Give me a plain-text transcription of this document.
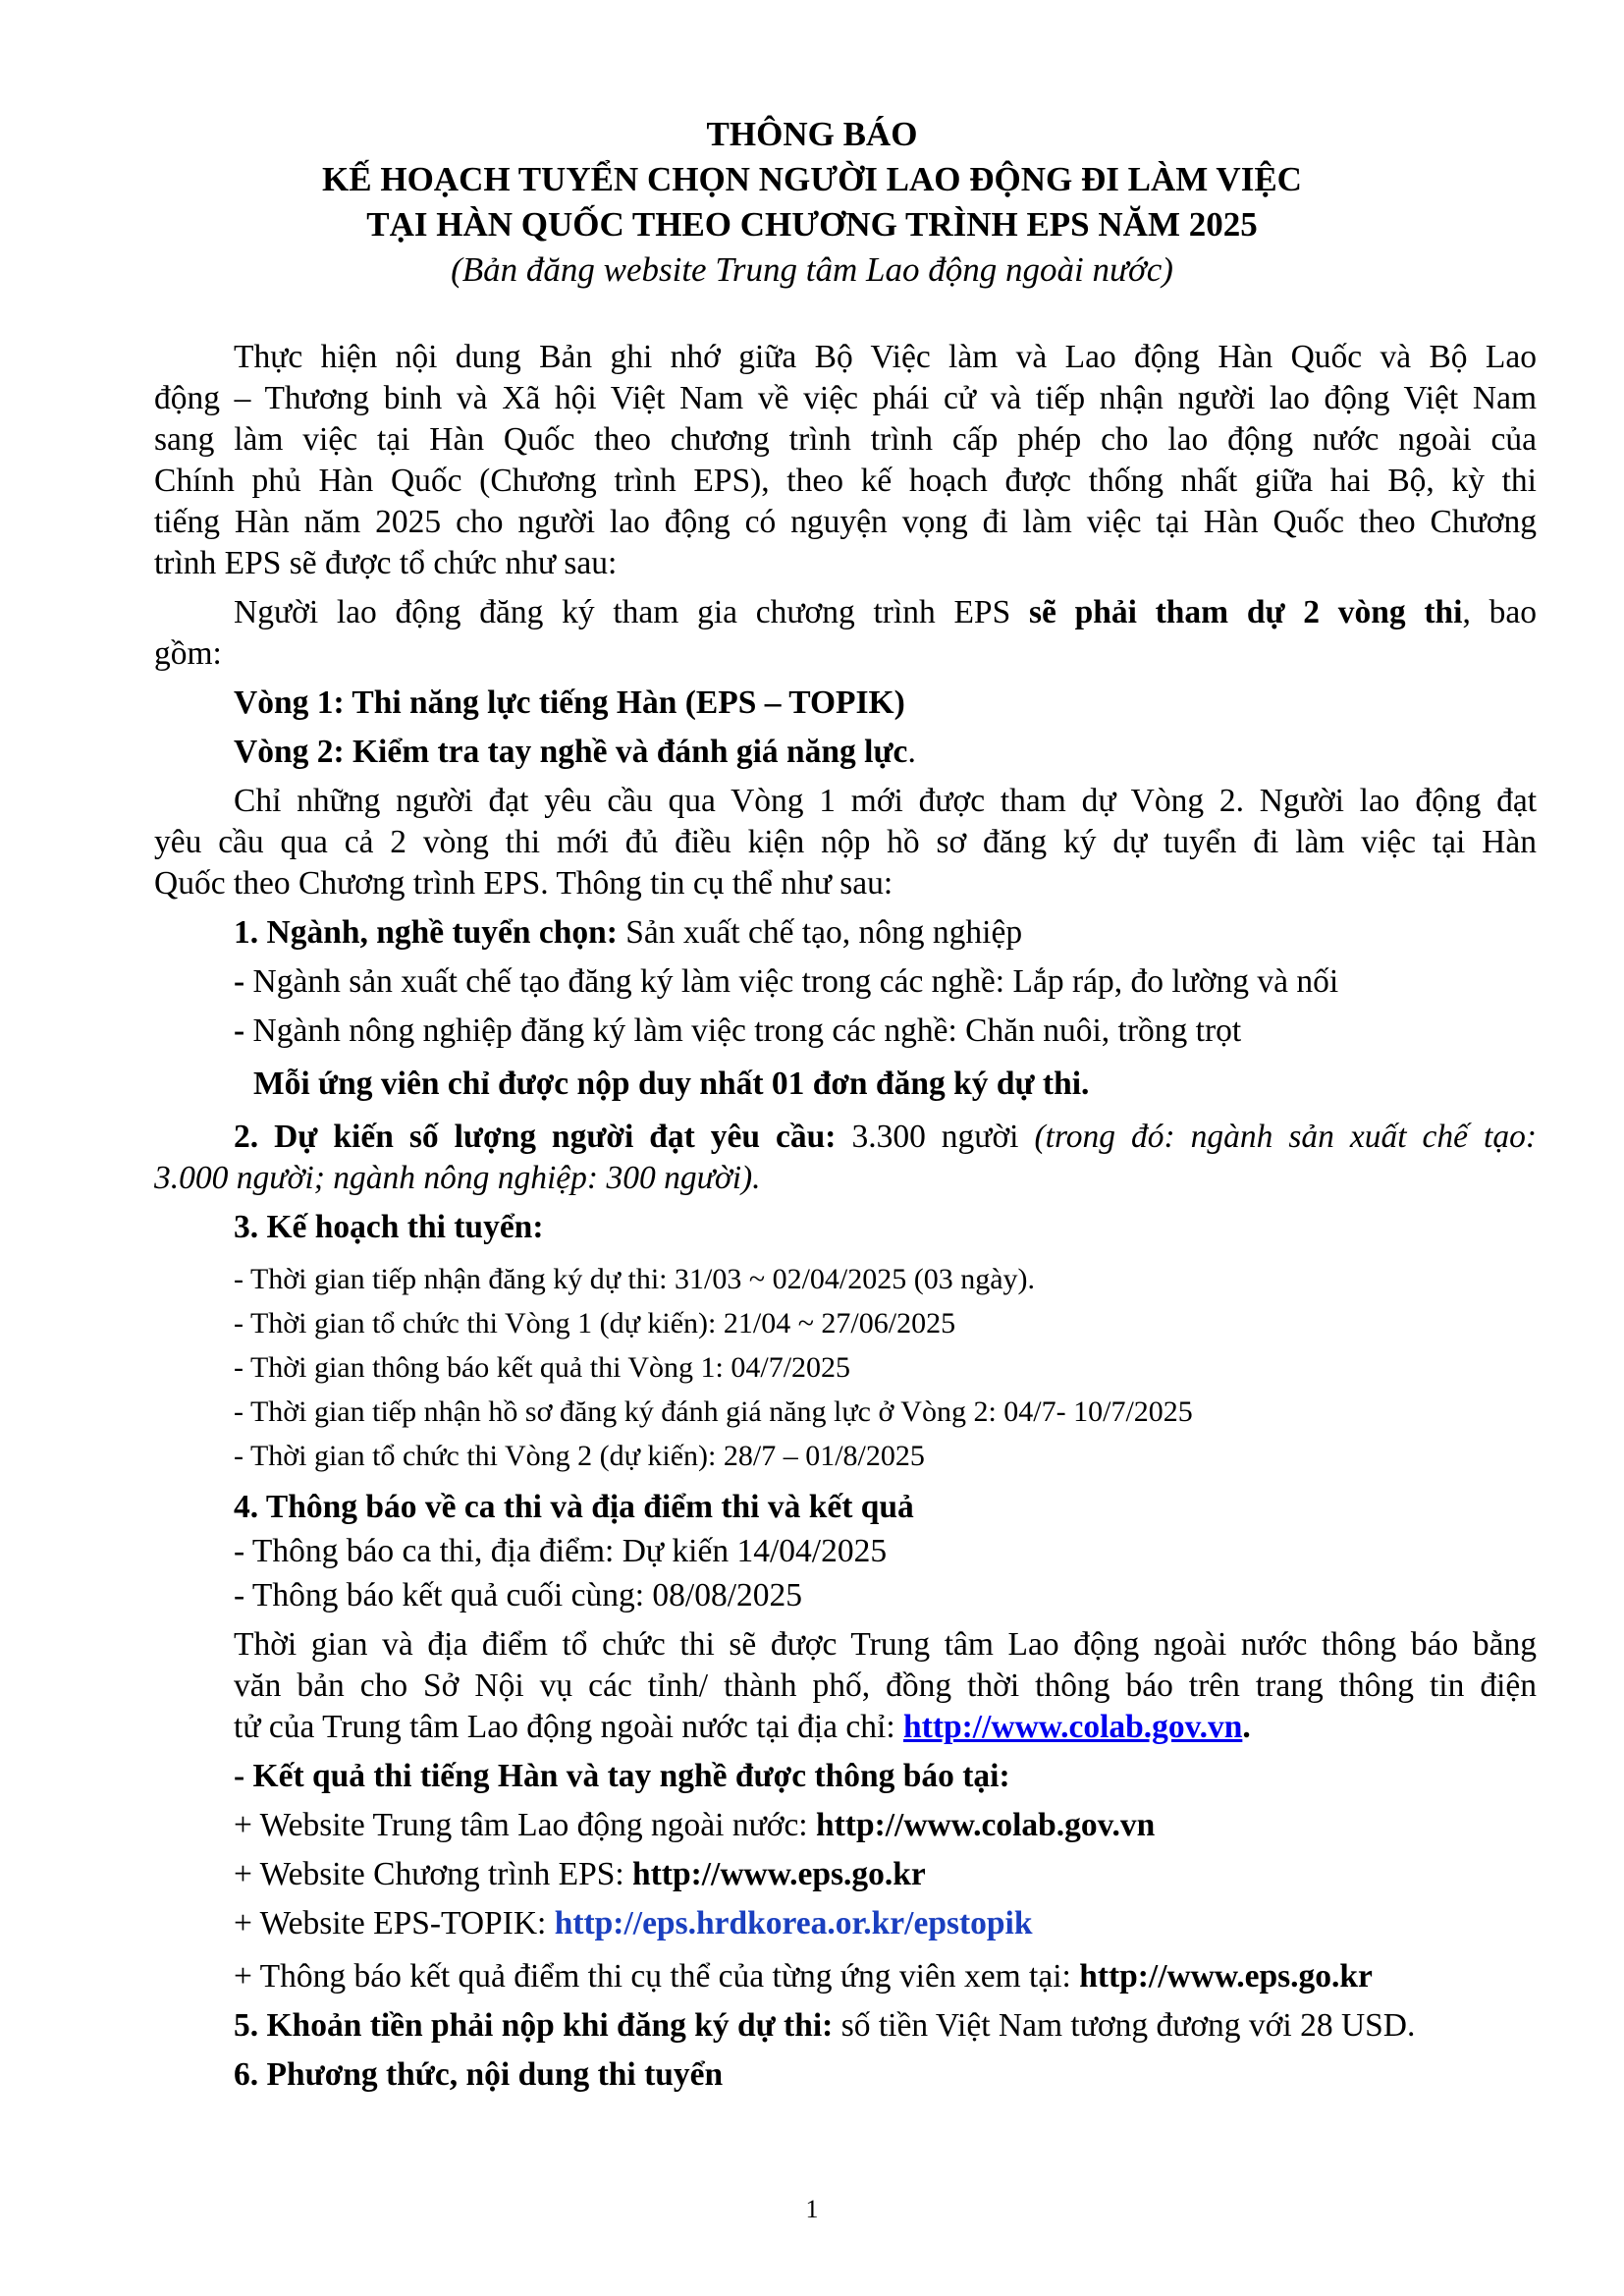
THÔNG BÁO
KẾ HOẠCH TUYỂN CHỌN NGƯỜI LAO ĐỘNG ĐI LÀM VIỆC
TẠI HÀN QUỐC THEO CHƯƠNG TRÌNH EPS NĂM 2025
(Bản đăng website Trung tâm Lao động ngoài nước)
Thực hiện nội dung Bản ghi nhớ giữa Bộ Việc làm và Lao động Hàn Quốc và Bộ Lao
động – Thương binh và Xã hội Việt Nam về việc phái cử và tiếp nhận người lao động Việt Nam
sang làm việc tại Hàn Quốc theo chương trình trình cấp phép cho lao động nước ngoài của
Chính phủ Hàn Quốc (Chương trình EPS), theo kế hoạch được thống nhất giữa hai Bộ, kỳ thi
tiếng Hàn năm 2025 cho người lao động có nguyện vọng đi làm việc tại Hàn Quốc theo Chương
trình EPS sẽ được tổ chức như sau:
Người lao động đăng ký tham gia chương trình EPS sẽ phải tham dự 2 vòng thi, bao
gồm:
Vòng 1: Thi năng lực tiếng Hàn (EPS – TOPIK)
Vòng 2: Kiểm tra tay nghề và đánh giá năng lực.
Chỉ những người đạt yêu cầu qua Vòng 1 mới được tham dự Vòng 2. Người lao động đạt
yêu cầu qua cả 2 vòng thi mới đủ điều kiện nộp hồ sơ đăng ký dự tuyển đi làm việc tại Hàn
Quốc theo Chương trình EPS. Thông tin cụ thể như sau:
1. Ngành, nghề tuyển chọn: Sản xuất chế tạo, nông nghiệp
- Ngành sản xuất chế tạo đăng ký làm việc trong các nghề: Lắp ráp, đo lường và nối
- Ngành nông nghiệp đăng ký làm việc trong các nghề: Chăn nuôi, trồng trọt
Mỗi ứng viên chỉ được nộp duy nhất 01 đơn đăng ký dự thi.
2. Dự kiến số lượng người đạt yêu cầu: 3.300 người (trong đó: ngành sản xuất chế tạo:
3.000 người; ngành nông nghiệp: 300 người).
3. Kế hoạch thi tuyển:
- Thời gian tiếp nhận đăng ký dự thi: 31/03 ~ 02/04/2025 (03 ngày).
- Thời gian tổ chức thi Vòng 1 (dự kiến): 21/04 ~ 27/06/2025
- Thời gian thông báo kết quả thi Vòng 1: 04/7/2025
- Thời gian tiếp nhận hồ sơ đăng ký đánh giá năng lực ở Vòng 2: 04/7- 10/7/2025
- Thời gian tổ chức thi Vòng 2 (dự kiến): 28/7 – 01/8/2025
4. Thông báo về ca thi và địa điểm thi và kết quả
- Thông báo ca thi, địa điểm: Dự kiến 14/04/2025
- Thông báo kết quả cuối cùng: 08/08/2025
Thời gian và địa điểm tổ chức thi sẽ được Trung tâm Lao động ngoài nước thông báo bằng
văn bản cho Sở Nội vụ các tỉnh/ thành phố, đồng thời thông báo trên trang thông tin điện
tử của Trung tâm Lao động ngoài nước tại địa chỉ: http://www.colab.gov.vn.
- Kết quả thi tiếng Hàn và tay nghề được thông báo tại:
+ Website Trung tâm Lao động ngoài nước: http://www.colab.gov.vn
+ Website Chương trình EPS: http://www.eps.go.kr
+ Website EPS-TOPIK: http://eps.hrdkorea.or.kr/epstopik
+ Thông báo kết quả điểm thi cụ thể của từng ứng viên xem tại: http://www.eps.go.kr
5. Khoản tiền phải nộp khi đăng ký dự thi: số tiền Việt Nam tương đương với 28 USD.
6. Phương thức, nội dung thi tuyển
1
